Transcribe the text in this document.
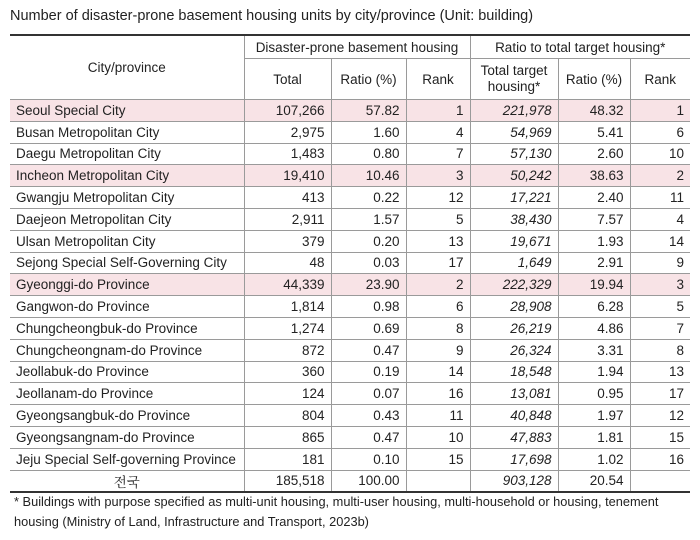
Number of disaster-prone basement housing units by city/province (Unit: building)
City/province	Disaster-prone basement housing			Ratio to total target housing*		
	Total	Ratio (%)	Rank	Total target housing*	Ratio (%)	Rank
Seoul Special City	107,266	57.82	1	221,978	48.32	1
Busan Metropolitan City	2,975	1.60	4	54,969	5.41	6
Daegu Metropolitan City	1,483	0.80	7	57,130	2.60	10
Incheon Metropolitan City	19,410	10.46	3	50,242	38.63	2
Gwangju Metropolitan City	413	0.22	12	17,221	2.40	11
Daejeon Metropolitan City	2,911	1.57	5	38,430	7.57	4
Ulsan Metropolitan City	379	0.20	13	19,671	1.93	14
Sejong Special Self-Governing City	48	0.03	17	1,649	2.91	9
Gyeonggi-do Province	44,339	23.90	2	222,329	19.94	3
Gangwon-do Province	1,814	0.98	6	28,908	6.28	5
Chungcheongbuk-do Province	1,274	0.69	8	26,219	4.86	7
Chungcheongnam-do Province	872	0.47	9	26,324	3.31	8
Jeollabuk-do Province	360	0.19	14	18,548	1.94	13
Jeollanam-do Province	124	0.07	16	13,081	0.95	17
Gyeongsangbuk-do Province	804	0.43	11	40,848	1.97	12
Gyeongsangnam-do Province	865	0.47	10	47,883	1.81	15
Jeju Special Self-governing Province	181	0.10	15	17,698	1.02	16
전국	185,518	100.00		903,128	20.54	
* Buildings with purpose specified as multi-unit housing, multi-user housing, multi-household or housing, tenement housing (Ministry of Land, Infrastructure and Transport, 2023b)
